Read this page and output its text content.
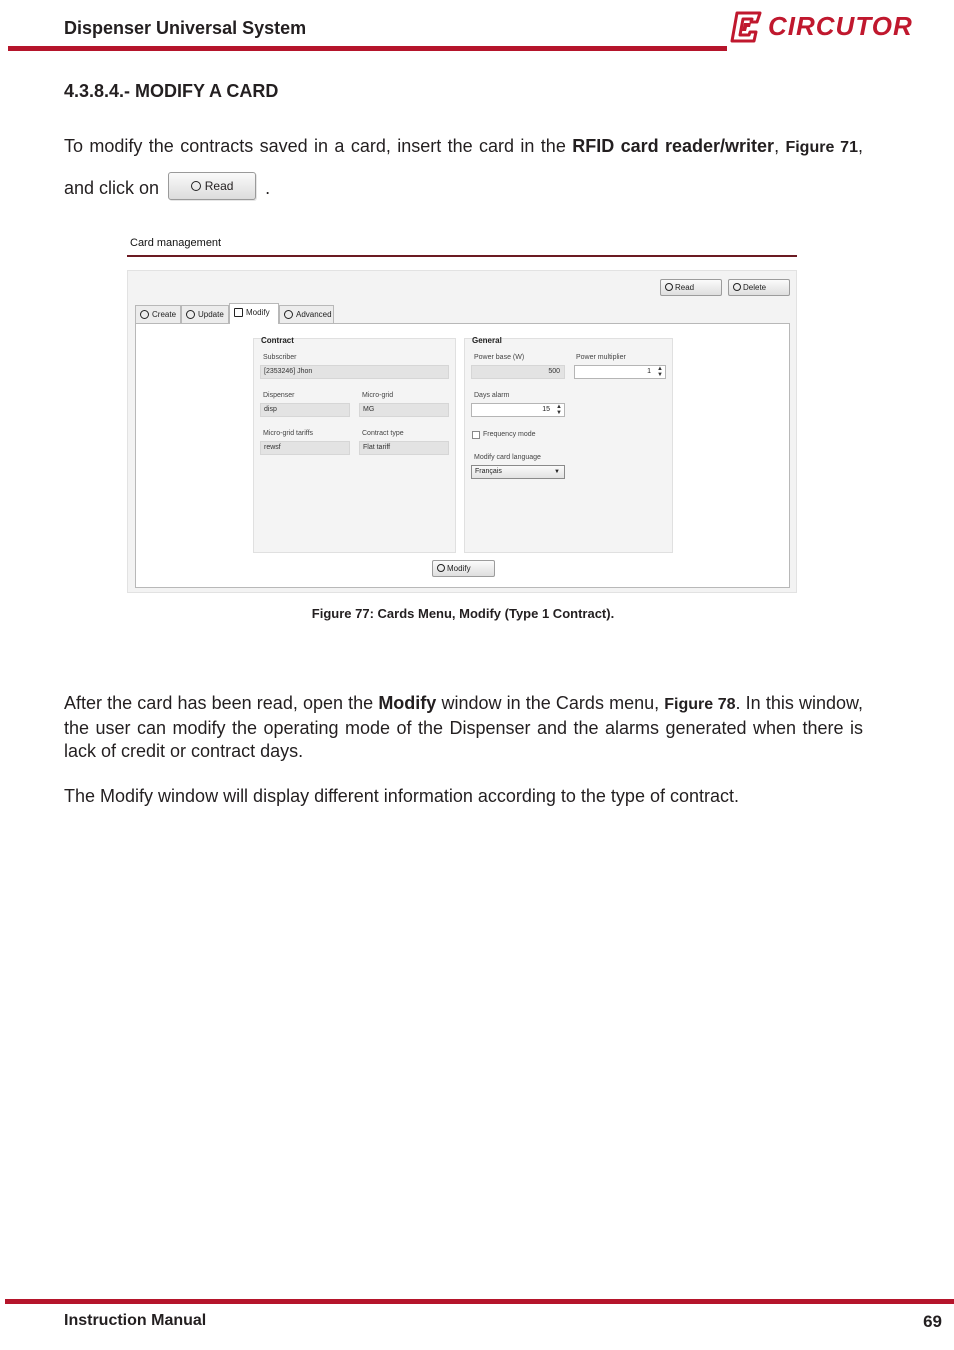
Dispenser Universal System	CIRCUTOR
4.3.8.4.- MODIFY A CARD
To modify the contracts saved in a card, insert the card in the RFID card reader/writer, Figure 71, and click on	Read .
Card management
Read	Delete
Create	Update	Modify	Advanced
Contract
Subscriber
[2353246] Jhon
Dispenser
disp
Micro-grid
MG
Micro-grid tariffs
rewsf
Contract type
Flat tariff
General
Power base (W)
500
Power multiplier
1 ▲
▼
Days alarm
15 ▲
▼
Frequency mode
Modify card language
Français	▼
Modify
Figure 77: Cards Menu, Modify (Type 1 Contract).
After the card has been read, open the Modify window in the Cards menu, Figure 78. In this window, the user can modify the operating mode of the Dispenser and the alarms generated when there is lack of credit or contract days.
The Modify window will display different information according to the type of contract.
Instruction Manual	69
